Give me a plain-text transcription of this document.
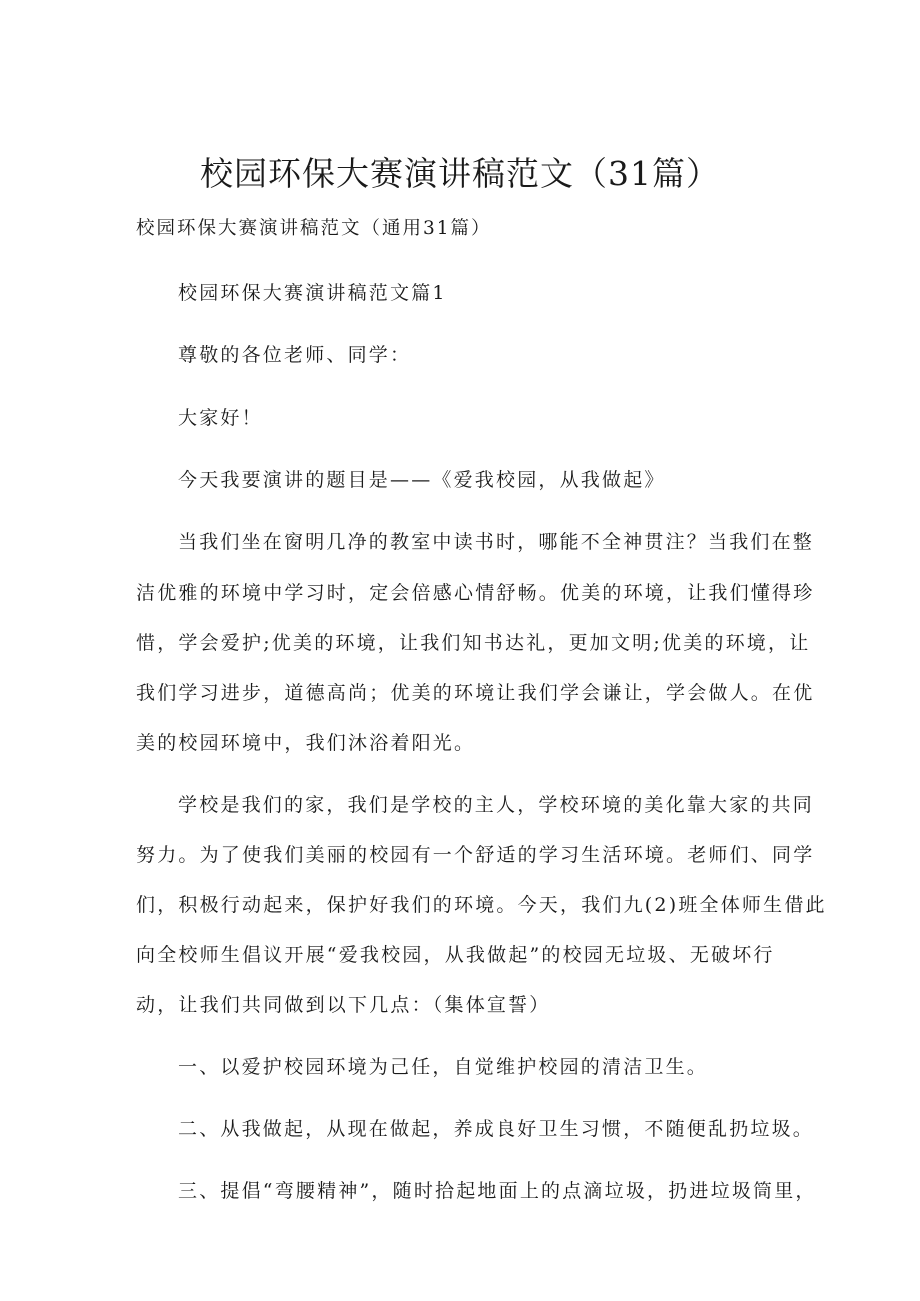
校园环保大赛演讲稿范文（31篇）

校园环保大赛演讲稿范文（通用31篇）

校园环保大赛演讲稿范文篇1

尊敬的各位老师、同学：

大家好！

今天我要演讲的题目是——《爱我校园，从我做起》

当我们坐在窗明几净的教室中读书时，哪能不全神贯注？当我们在整

洁优雅的环境中学习时，定会倍感心情舒畅。优美的环境，让我们懂得珍

惜，学会爱护;优美的环境，让我们知书达礼，更加文明;优美的环境，让

我们学习进步，道德高尚；优美的环境让我们学会谦让，学会做人。在优

美的校园环境中，我们沐浴着阳光。

学校是我们的家，我们是学校的主人，学校环境的美化靠大家的共同

努力。为了使我们美丽的校园有一个舒适的学习生活环境。老师们、同学

们，积极行动起来，保护好我们的环境。今天，我们九(2)班全体师生借此

向全校师生倡议开展“爱我校园，从我做起”的校园无垃圾、无破坏行

动，让我们共同做到以下几点：（集体宣誓）

一、以爱护校园环境为己任，自觉维护校园的清洁卫生。

二、从我做起，从现在做起，养成良好卫生习惯，不随便乱扔垃圾。

三、提倡“弯腰精神”，随时拾起地面上的点滴垃圾，扔进垃圾筒里，
